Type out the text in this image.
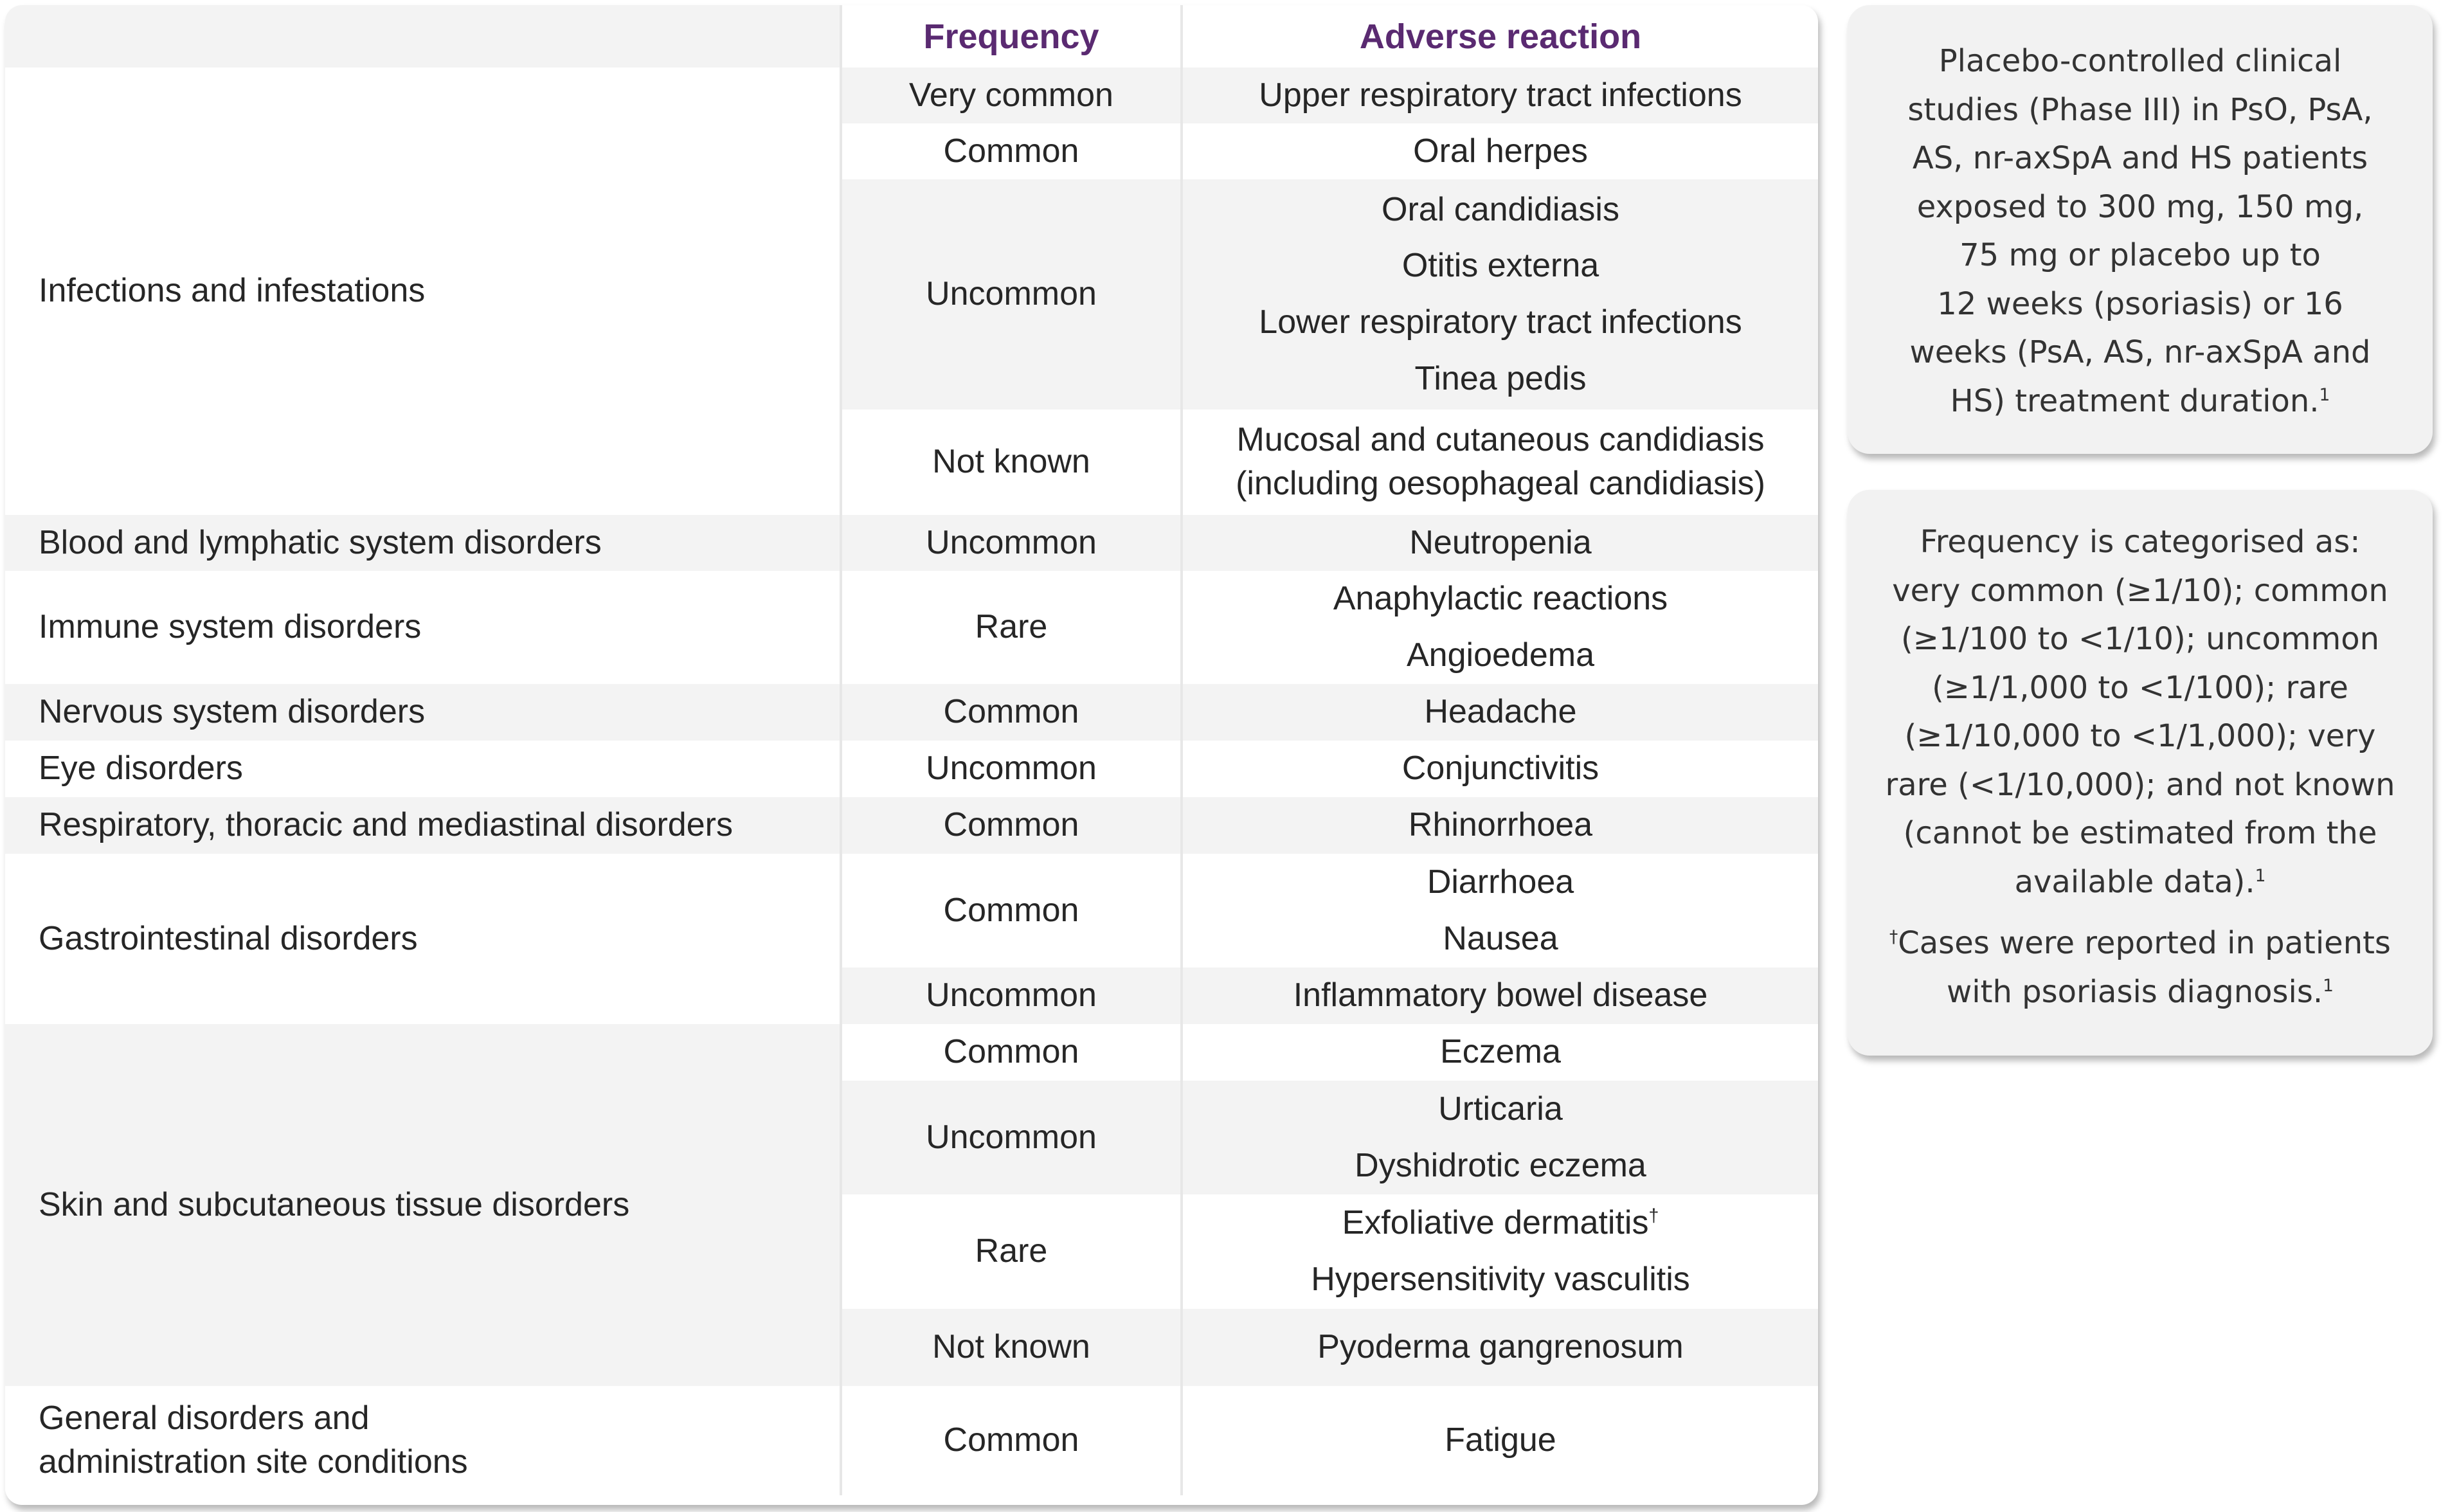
	Frequency	Adverse reaction
Infections and infestations	Very common	Upper respiratory tract infections

	Common	Oral herpes

	Uncommon	Oral candidiasis
Otitis externa
Lower respiratory tract infections
Tinea pedis

	Not known	Mucosal and cutaneous candidiasis
(including oesophageal candidiasis)

Blood and lymphatic system disorders	Uncommon	Neutropenia

Immune system disorders	Rare	Anaphylactic reactions
Angioedema

Nervous system disorders	Common	Headache

Eye disorders	Uncommon	Conjunctivitis

Respiratory, thoracic and mediastinal disorders	Common	Rhinorrhoea

Gastrointestinal disorders	Common	Diarrhoea
Nausea

	Uncommon	Inflammatory bowel disease

Skin and subcutaneous tissue disorders	Common	Eczema

	Uncommon	Urticaria
Dyshidrotic eczema

	Rare	Exfoliative dermatitis†
Hypersensitivity vasculitis

	Not known	Pyoderma gangrenosum

General disorders and
administration site conditions	Common	Fatigue

Placebo-controlled clinical
studies (Phase III) in PsO, PsA,
AS, nr-axSpA and HS patients
exposed to 300 mg, 150 mg,
75 mg or placebo up to
12 weeks (psoriasis) or 16
weeks (PsA, AS, nr-axSpA and
HS) treatment duration.$^1$

Frequency is categorised as:
very common (≥1/10); common
(≥1/100 to <1/10); uncommon
(≥1/1,000 to <1/100); rare
(≥1/10,000 to <1/1,000); very
rare (<1/10,000); and not known
(cannot be estimated from the
available data).$^1$

†Cases were reported in patients
with psoriasis diagnosis.$^1$
